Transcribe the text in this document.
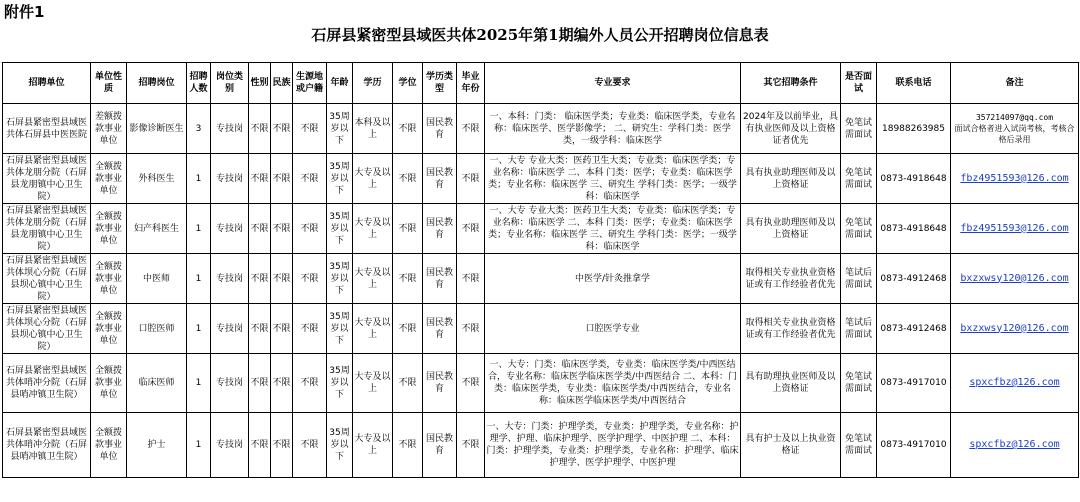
附件1
石屏县紧密型县域医共体2025年第1期编外人员公开招聘岗位信息表
招聘单位	单位性质	招聘岗位	招聘人数	岗位类别	性别	民族	生源地或户籍	年龄	学历	学位	学历类型	毕业年份	专业要求	其它招聘条件	是否面试	联系电话	备注
石屏县紧密型县域医共体石屏县中医医院	差额拨款事业单位	影像诊断医生	3	专技岗	不限	不限	不限	35周岁以下	本科及以上	不限	国民教育	不限	一、本科：门类： 临床医学类；专业类：临床医学类，专业名称：临床医学、医学影像学； 二、研究生：学科门类：医学类，一级学科：临床医学	2024年及以前毕业，具有执业医师及以上资格证者优先	免笔试需面试	18988263985	357214097@qq.com
面试合格者进入试岗考核，考核合格后录用

石屏县紧密型县域医共体龙朋分院（石屏县龙朋镇中心卫生院）	全额拨款事业单位	外科医生	1	专技岗	不限	不限	不限	35周岁以下	大专及以上	不限	国民教育	不限	一、大专 专业大类：医药卫生大类；专业类：临床医学类；专业名称：临床医学 二、本科 门类：医学；专业类：临床医学类；专业名称：临床医学 三、研究生 学科门类：医学；一级学科：临床医学	具有执业助理医师及以上资格证	免笔试需面试	0873-4918648	fbz4951593@126.com

石屏县紧密型县域医共体龙朋分院（石屏县龙朋镇中心卫生院）	全额拨款事业单位	妇产科医生	1	专技岗	不限	不限	不限	35周岁以下	大专及以上	不限	国民教育	不限	一、大专 专业大类：医药卫生大类；专业类：临床医学类；专业名称：临床医学 二、本科 门类：医学；专业类：临床医学类；专业名称：临床医学 三、研究生 学科门类：医学；一级学科：临床医学	具有执业助理医师及以上资格证	免笔试需面试	0873-4918648	fbz4951593@126.com

石屏县紧密型县域医共体坝心分院（石屏县坝心镇中心卫生院）	全额拨款事业单位	中医师	1	专技岗	不限	不限	不限	35周岁以下	大专及以上	不限	国民教育	不限	中医学/针灸推拿学	取得相关专业执业资格证或有工作经验者优先	笔试后需面试	0873-4912468	bxzxwsy120@126.com

石屏县紧密型县域医共体坝心分院（石屏县坝心镇中心卫生院）	全额拨款事业单位	口腔医师	1	专技岗	不限	不限	不限	35周岁以下	大专及以上	不限	国民教育	不限	口腔医学专业	取得相关专业执业资格证或有工作经验者优先	笔试后需面试	0873-4912468	bxzxwsy120@126.com

石屏县紧密型县域医共体哨冲分院（石屏县哨冲镇卫生院）	全额拨款事业单位	临床医师	1	专技岗	不限	不限	不限	35周岁以下	大专及以上	不限	国民教育	不限	一、大专：门类：临床医学类，专业类：临床医学类/中西医结合，专业名称：临床医学临床医学类/中西医结合 二、本科：门类：临床医学类，专业类：临床医学类/中西医结合，专业名称：临床医学临床医学类/中西医结合	具有助理执业医师及以上资格证	免笔试需面试	0873-4917010	spxcfbz@126.com

石屏县紧密型县域医共体哨冲分院（石屏县哨冲镇卫生院）	全额拨款事业单位	护士	1	专技岗	不限	不限	不限	35周岁以下	大专及以上	不限	国民教育	不限	一、大专：门类：护理学类，专业类：护理学类，专业名称：护理学、护理、临床护理学、医学护理学、中医护理 二、本科：门类：护理学类，专业类：护理学类，专业名称：护理学、临床护理学、医学护理学、中医护理	具有护士及以上执业资格证	免笔试需面试	0873-4917010	spxcfbz@126.com
